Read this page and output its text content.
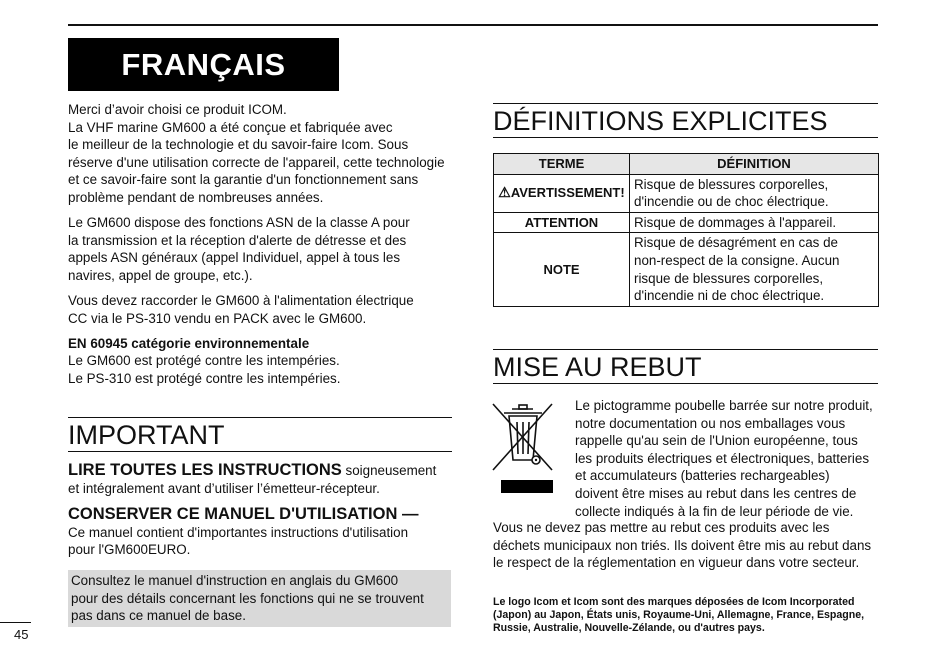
FRANÇAIS

Merci d’avoir choisi ce produit ICOM.
La VHF marine GM600 a été conçue et fabriquée avec
le meilleur de la technologie et du savoir-faire Icom. Sous
réserve d'une utilisation correcte de l'appareil, cette technologie
et ce savoir-faire sont la garantie d'un fonctionnement sans
problème pendant de nombreuses années.

Le GM600 dispose des fonctions ASN de la classe A pour
la transmission et la réception d'alerte de détresse et des
appels ASN généraux (appel Individuel, appel à tous les
navires, appel de groupe, etc.).

Vous devez raccorder le GM600 à l'alimentation électrique
CC via le PS-310 vendu en PACK avec le GM600.

EN 60945 catégorie environnementale

Le GM600 est protégé contre les intempéries.
Le PS-310 est protégé contre les intempéries.

IMPORTANT
LIRE TOUTES LES INSTRUCTIONS soigneusement
et intégralement avant d’utiliser l’émetteur-récepteur.
CONSERVER CE MANUEL D'UTILISATION —
Ce manuel contient d'importantes instructions d'utilisation
pour l'GM600EURO.
Consultez le manuel d'instruction en anglais du GM600
pour des détails concernant les fonctions qui ne se trouvent
pas dans ce manuel de base.
45
DÉFINITIONS EXPLICITES
TERME	DÉFINITION
⚠AVERTISSEMENT!	Risque de blessures corporelles,
d'incendie ou de choc électrique.
ATTENTION	Risque de dommages à l'appareil.
NOTE	Risque de désagrément en cas de
non-respect de la consigne. Aucun
risque de blessures corporelles,
d'incendie ni de choc électrique.
MISE AU REBUT

Le pictogramme poubelle barrée sur notre produit,
notre documentation ou nos emballages vous
rappelle qu'au sein de l'Union européenne, tous
les produits électriques et électroniques, batteries
et accumulateurs (batteries rechargeables)
doivent être mises au rebut dans les centres de
collecte indiqués à la fin de leur période de vie.

Vous ne devez pas mettre au rebut ces produits avec les
déchets municipaux non triés. Ils doivent être mis au rebut dans
le respect de la réglementation en vigueur dans votre secteur.

Le logo Icom et Icom sont des marques déposées de Icom Incorporated
(Japon) au Japon, États unis, Royaume-Uni, Allemagne, France, Espagne,
Russie, Australie, Nouvelle-Zélande, ou d'autres pays.
